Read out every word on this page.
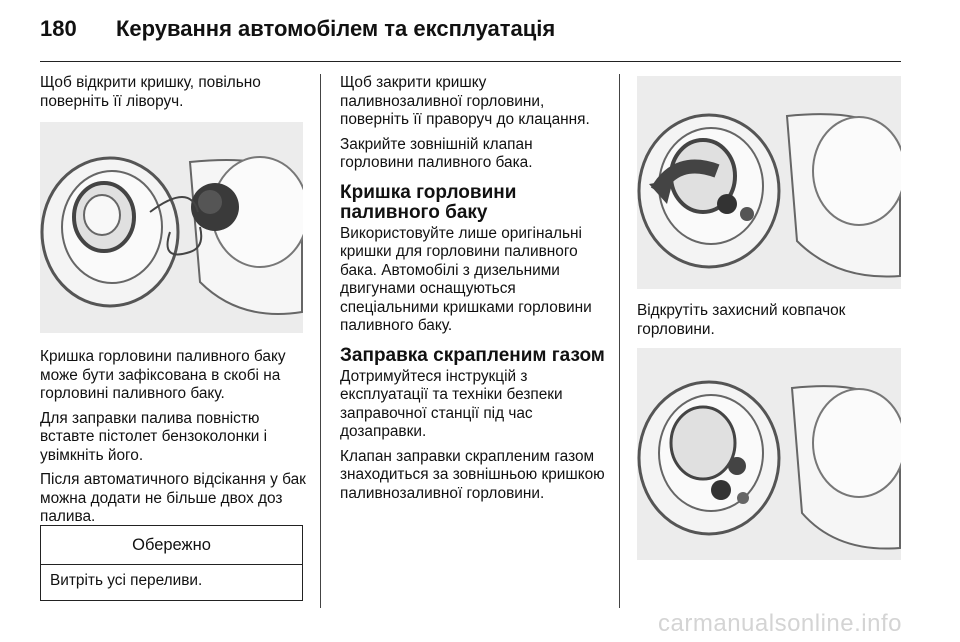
180 Керування автомобілем та експлуатація

Щоб відкрити кришку, повільно поверніть її ліворуч.

Кришка горловини паливного баку може бути зафіксована в скобі на горловині паливного баку.

Для заправки палива повністю вставте пістолет бензоколонки і увімкніть його.

Після автоматичного відсікання у бак можна додати не більше двох доз палива.

Обережно
Витріть усі переливи.

Щоб закрити кришку паливнозаливної горловини, поверніть її праворуч до клацання.

Закрийте зовнішній клапан горловини паливного бака.

Кришка горловини паливного баку

Використовуйте лише оригінальні кришки для горловини паливного бака. Автомобілі з дизельними двигунами оснащуються спеціальними кришками горловини паливного баку.

Заправка скрапленим газом

Дотримуйтеся інструкцій з експлуатації та техніки безпеки заправочної станції під час дозаправки.

Клапан заправки скрапленим газом знаходиться за зовнішньою кришкою паливнозаливної горловини.

Відкрутіть захисний ковпачок горловини.

carmanualsonline.info
